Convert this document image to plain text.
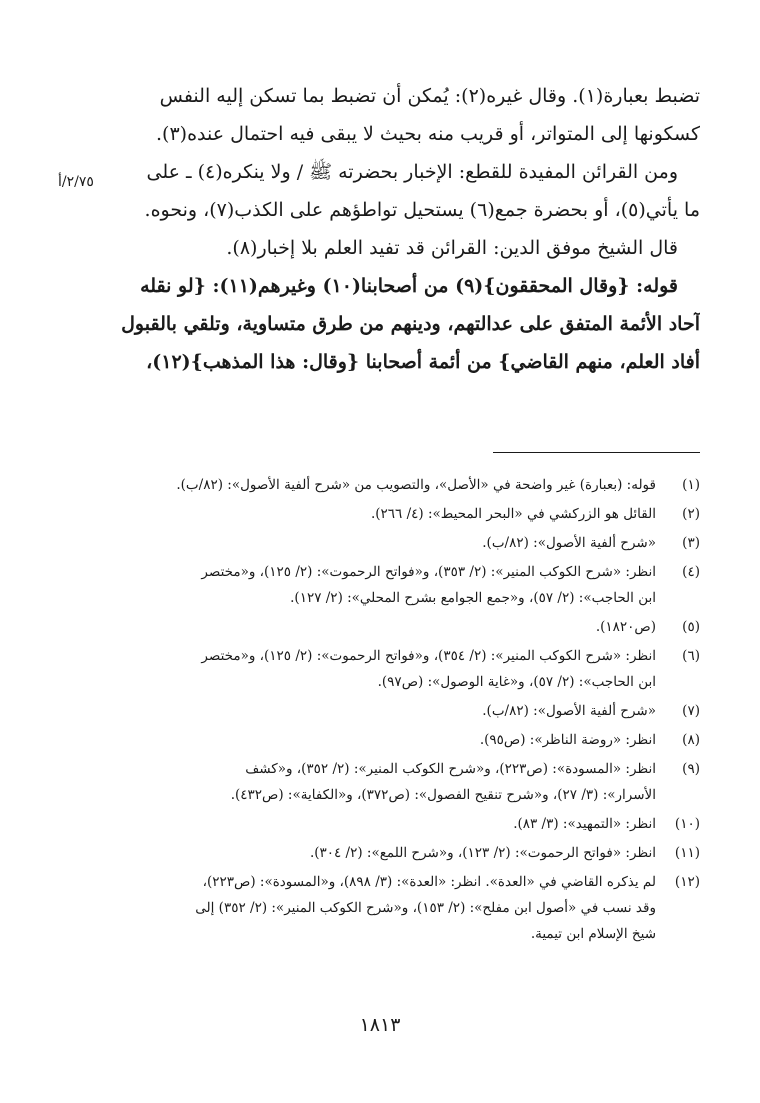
تضبط بعبارة(١). وقال غيره(٢): يُمكن أن تضبط بما تسكن إليه النفس
كسكونها إلى المتواتر، أو قريب منه بحيث لا يبقى فيه احتمال عنده(٣).
ومن القرائن المفيدة للقطع: الإخبار بحضرته ﷺ / ولا ينكره(٤) ـ على
ما يأتي(٥)، أو بحضرة جمع(٦) يستحيل تواطؤهم على الكذب(٧)، ونحوه.
قال الشيخ موفق الدين: القرائن قد تفيد العلم بلا إخبار(٨).
قوله: {وقال المحققون}(٩) من أصحابنا(١٠) وغيرهم(١١): {لو نقله
آحاد الأئمة المتفق على عدالتهم، ودينهم من طرق متساوية، وتلقي بالقبول
أفاد العلم، منهم القاضي} من أئمة أصحابنا {وقال: هذا المذهب}(١٢)،
٢/٧٥/أ
(١)
قوله: (بعبارة) غير واضحة في «الأصل»، والتصويب من «شرح ألفية الأصول»: (٨٢/ب).
(٢)
القائل هو الزركشي في «البحر المحيط»: (٤/ ٢٦٦).
(٣)
«شرح ألفية الأصول»: (٨٢/ب).
(٤)
انظر: «شرح الكوكب المنير»: (٢/ ٣٥٣)، و«فواتح الرحموت»: (٢/ ١٢٥)، و«مختصر
ابن الحاجب»: (٢/ ٥٧)، و«جمع الجوامع بشرح المحلي»: (٢/ ١٢٧).
(٥)
(ص١٨٢٠).
(٦)
انظر: «شرح الكوكب المنير»: (٢/ ٣٥٤)، و«فواتح الرحموت»: (٢/ ١٢٥)، و«مختصر
ابن الحاجب»: (٢/ ٥٧)، و«غاية الوصول»: (ص٩٧).
(٧)
«شرح ألفية الأصول»: (٨٢/ب).
(٨)
انظر: «روضة الناظر»: (ص٩٥).
(٩)
انظر: «المسودة»: (ص٢٢٣)، و«شرح الكوكب المنير»: (٢/ ٣٥٢)، و«كشف
الأسرار»: (٣/ ٢٧)، و«شرح تنقيح الفصول»: (ص٣٧٢)، و«الكفاية»: (ص٤٣٢).
(١٠)
انظر: «التمهيد»: (٣/ ٨٣).
(١١)
انظر: «فواتح الرحموت»: (٢/ ١٢٣)، و«شرح اللمع»: (٢/ ٣٠٤).
(١٢)
لم يذكره القاضي في «العدة». انظر: «العدة»: (٣/ ٨٩٨)، و«المسودة»: (ص٢٢٣)،
وقد نسب في «أصول ابن مفلح»: (٢/ ١٥٣)، و«شرح الكوكب المنير»: (٢/ ٣٥٢) إلى
شيخ الإسلام ابن تيمية.
١٨١٣
